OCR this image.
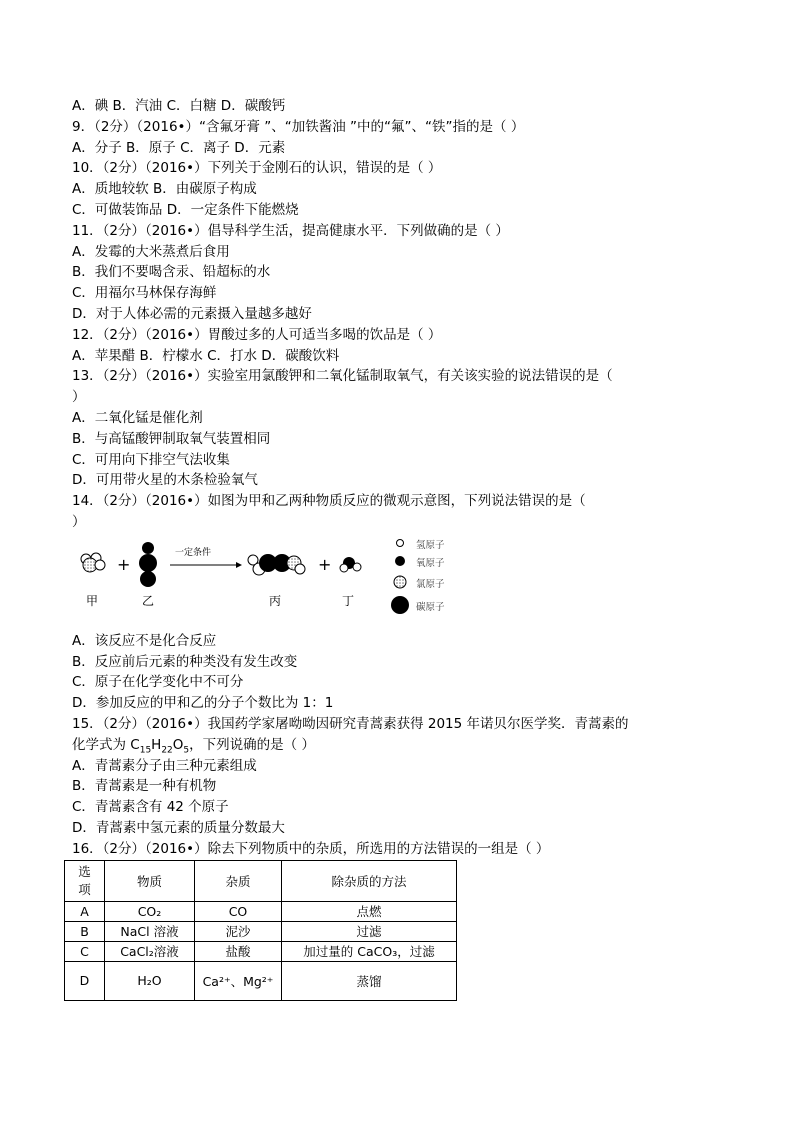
A．碘 B．汽油 C．白糖 D．碳酸钙
9．（2分）（2016•）“含氟牙膏 ”、“加铁酱油 ”中的“氟”、“铁”指的是（ ）
A．分子 B．原子 C．离子 D．元素
10．（2分）（2016•）下列关于金刚石的认识，错误的是（ ）
A．质地较软 B．由碳原子构成
C．可做装饰品 D．一定条件下能燃烧
11．（2分）（2016•）倡导科学生活，提高健康水平．下列做确的是（ ）
A．发霉的大米蒸煮后食用
B．我们不要喝含汞、铅超标的水
C．用福尔马林保存海鲜
D．对于人体必需的元素摄入量越多越好
12．（2分）（2016•）胃酸过多的人可适当多喝的饮品是（ ）
A．苹果醋 B．柠檬水 C．打水 D．碳酸饮料
13．（2分）（2016•）实验室用氯酸钾和二氧化锰制取氧气，有关该实验的说法错误的是（
）
A．二氧化锰是催化剂
B．与高锰酸钾制取氧气装置相同
C．可用向下排空气法收集
D．可用带火星的木条检验氧气
14．（2分）（2016•）如图为甲和乙两种物质反应的微观示意图，下列说法错误的是（
）
+
一定条件
+
甲	乙	丙	丁
氢原子
氧原子
氯原子
碳原子
A．该反应不是化合反应
B．反应前后元素的种类没有发生改变
C．原子在化学变化中不可分
D．参加反应的甲和乙的分子个数比为 1：1
15．（2分）（2016•）我国药学家屠呦呦因研究青蒿素获得 2015 年诺贝尔医学奖．青蒿素的
化学式为 $C_{15}H_{22}O_5$，下列说确的是（ ）
A．青蒿素分子由三种元素组成
B．青蒿素是一种有机物
C．青蒿素含有 42 个原子
D．青蒿素中氢元素的质量分数最大
16．（2分）（2016•）除去下列物质中的杂质，所选用的方法错误的一组是（ ）
选
项	物质	杂质	除杂质的方法
A	CO₂	CO	点燃
B	NaCl 溶液	泥沙	过滤
C	CaCl₂溶液	盐酸	加过量的 CaCO₃，过滤
D	H₂O	Ca²⁺、Mg²⁺	蒸馏
